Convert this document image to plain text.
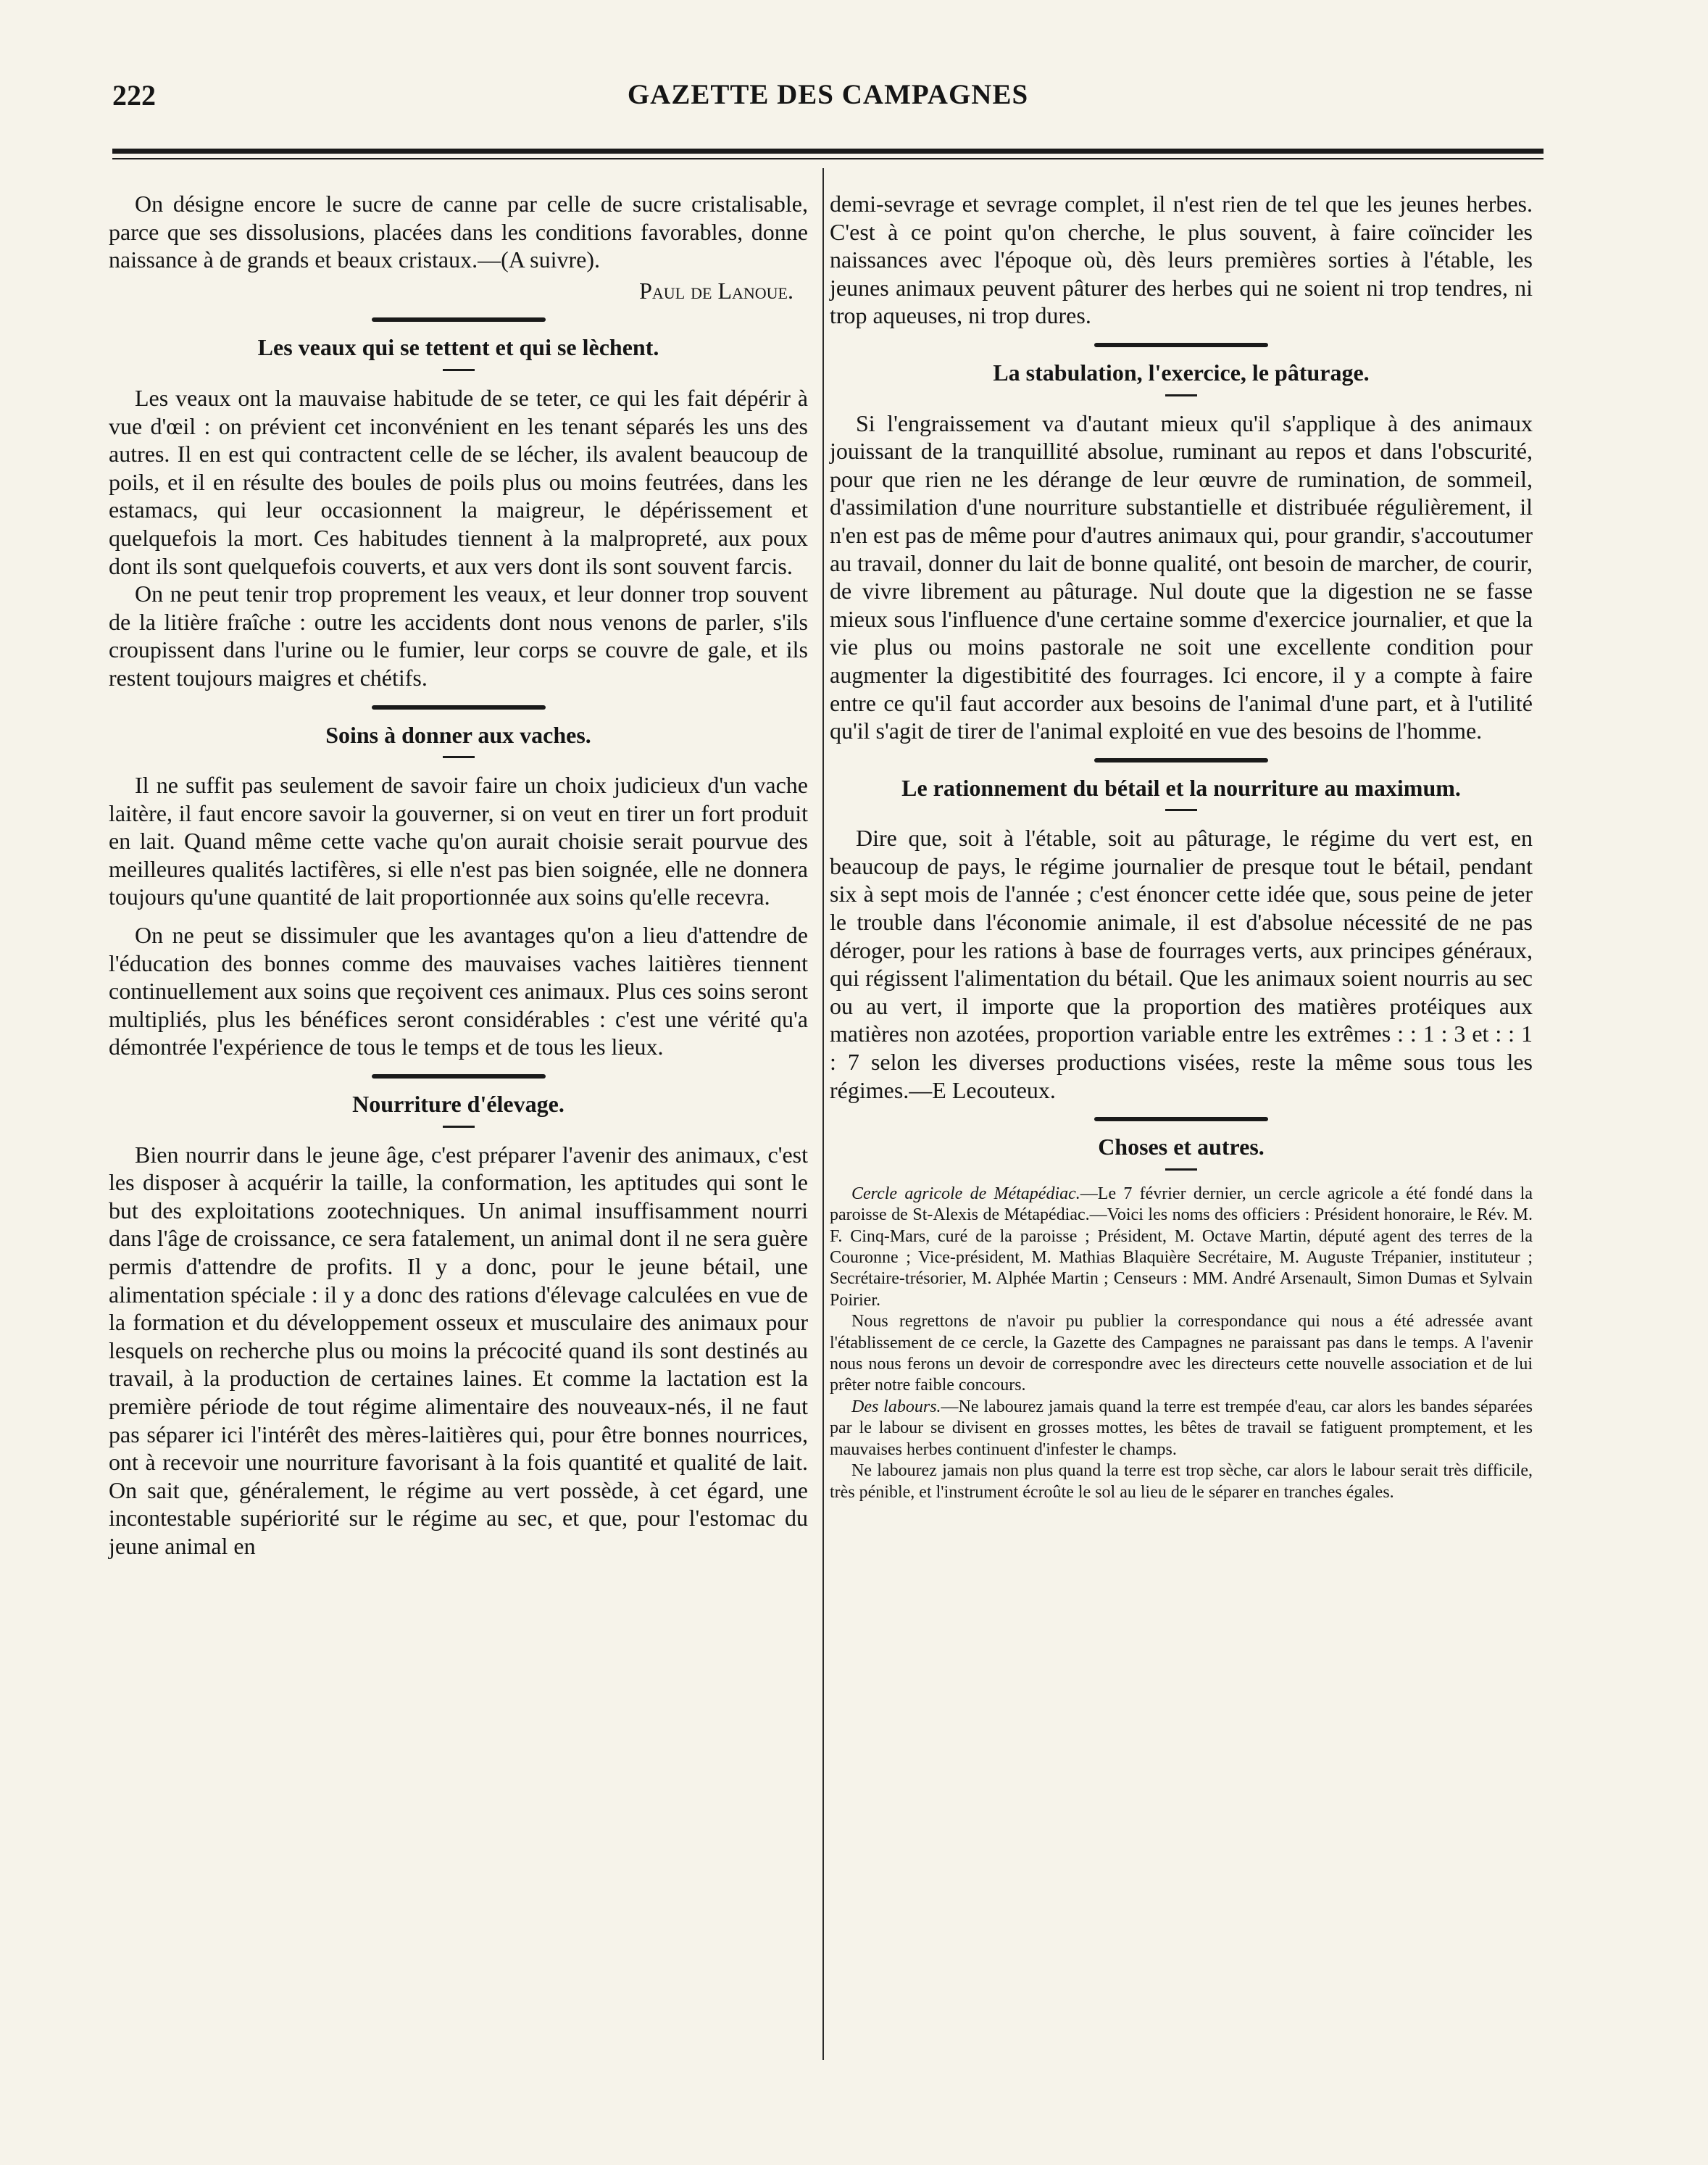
222	GAZETTE DES CAMPAGNES

On désigne encore le sucre de canne par celle de sucre cristalisable, parce que ses dissolusions, placées dans les conditions favorables, donne naissance à de grands et beaux cristaux.—(A suivre).

Paul de Lanoue.
Les veaux qui se tettent et qui se lèchent.

Les veaux ont la mauvaise habitude de se teter, ce qui les fait dépérir à vue d'œil : on prévient cet inconvénient en les tenant séparés les uns des autres. Il en est qui contractent celle de se lécher, ils avalent beaucoup de poils, et il en résulte des boules de poils plus ou moins feutrées, dans les estamacs, qui leur occasionnent la maigreur, le dépérissement et quelquefois la mort. Ces habitudes tiennent à la malpropreté, aux poux dont ils sont quelquefois couverts, et aux vers dont ils sont souvent farcis.

On ne peut tenir trop proprement les veaux, et leur donner trop souvent de la litière fraîche : outre les accidents dont nous venons de parler, s'ils croupissent dans l'urine ou le fumier, leur corps se couvre de gale, et ils restent toujours maigres et chétifs.

Soins à donner aux vaches.

Il ne suffit pas seulement de savoir faire un choix judicieux d'un vache laitère, il faut encore savoir la gouverner, si on veut en tirer un fort produit en lait. Quand même cette vache qu'on aurait choisie serait pourvue des meilleures qualités lactifères, si elle n'est pas bien soignée, elle ne donnera toujours qu'une quantité de lait proportionnée aux soins qu'elle recevra.

On ne peut se dissimuler que les avantages qu'on a lieu d'attendre de l'éducation des bonnes comme des mauvaises vaches laitières tiennent continuellement aux soins que reçoivent ces animaux. Plus ces soins seront multipliés, plus les bénéfices seront considérables : c'est une vérité qu'a démontrée l'expérience de tous le temps et de tous les lieux.

Nourriture d'élevage.

Bien nourrir dans le jeune âge, c'est préparer l'avenir des animaux, c'est les disposer à acquérir la taille, la conformation, les aptitudes qui sont le but des exploitations zootechniques. Un animal insuffisamment nourri dans l'âge de croissance, ce sera fatalement, un animal dont il ne sera guère permis d'attendre de profits. Il y a donc, pour le jeune bétail, une alimentation spéciale : il y a donc des rations d'élevage calculées en vue de la formation et du développement osseux et musculaire des animaux pour lesquels on recherche plus ou moins la précocité quand ils sont destinés au travail, à la production de certaines laines. Et comme la lactation est la première période de tout régime alimentaire des nouveaux-nés, il ne faut pas séparer ici l'intérêt des mères-laitières qui, pour être bonnes nourrices, ont à recevoir une nourriture favorisant à la fois quantité et qualité de lait. On sait que, généralement, le régime au vert possède, à cet égard, une incontestable supériorité sur le régime au sec, et que, pour l'estomac du jeune animal en

demi-sevrage et sevrage complet, il n'est rien de tel que les jeunes herbes. C'est à ce point qu'on cherche, le plus souvent, à faire coïncider les naissances avec l'époque où, dès leurs premières sorties à l'étable, les jeunes animaux peuvent pâturer des herbes qui ne soient ni trop tendres, ni trop aqueuses, ni trop dures.

La stabulation, l'exercice, le pâturage.

Si l'engraissement va d'autant mieux qu'il s'applique à des animaux jouissant de la tranquillité absolue, ruminant au repos et dans l'obscurité, pour que rien ne les dérange de leur œuvre de rumination, de sommeil, d'assimilation d'une nourriture substantielle et distribuée régulièrement, il n'en est pas de même pour d'autres animaux qui, pour grandir, s'accoutumer au travail, donner du lait de bonne qualité, ont besoin de marcher, de courir, de vivre librement au pâturage. Nul doute que la digestion ne se fasse mieux sous l'influence d'une certaine somme d'exercice journalier, et que la vie plus ou moins pastorale ne soit une excellente condition pour augmenter la digestibitité des fourrages. Ici encore, il y a compte à faire entre ce qu'il faut accorder aux besoins de l'animal d'une part, et à l'utilité qu'il s'agit de tirer de l'animal exploité en vue des besoins de l'homme.

Le rationnement du bétail et la nourriture au maximum.

Dire que, soit à l'étable, soit au pâturage, le régime du vert est, en beaucoup de pays, le régime journalier de presque tout le bétail, pendant six à sept mois de l'année ; c'est énoncer cette idée que, sous peine de jeter le trouble dans l'économie animale, il est d'absolue nécessité de ne pas déroger, pour les rations à base de fourrages verts, aux principes généraux, qui régissent l'alimentation du bétail. Que les animaux soient nourris au sec ou au vert, il importe que la proportion des matières protéiques aux matières non azotées, proportion variable entre les extrêmes : : 1 : 3 et : : 1 : 7 selon les diverses productions visées, reste la même sous tous les régimes.—E Lecouteux.

Choses et autres.

Cercle agricole de Métapédiac.—Le 7 février dernier, un cercle agricole a été fondé dans la paroisse de St-Alexis de Métapédiac.—Voici les noms des officiers : Président honoraire, le Rév. M. F. Cinq-Mars, curé de la paroisse ; Président, M. Octave Martin, député agent des terres de la Couronne ; Vice-président, M. Mathias Blaquière Secrétaire, M. Auguste Trépanier, instituteur ; Secrétaire-trésorier, M. Alphée Martin ; Censeurs : MM. André Arsenault, Simon Dumas et Sylvain Poirier.

Nous regrettons de n'avoir pu publier la correspondance qui nous a été adressée avant l'établissement de ce cercle, la Gazette des Campagnes ne paraissant pas dans le temps. A l'avenir nous nous ferons un devoir de correspondre avec les directeurs cette nouvelle association et de lui prêter notre faible concours.

Des labours.—Ne labourez jamais quand la terre est trempée d'eau, car alors les bandes séparées par le labour se divisent en grosses mottes, les bêtes de travail se fatiguent promptement, et les mauvaises herbes continuent d'infester le champs.

Ne labourez jamais non plus quand la terre est trop sèche, car alors le labour serait très difficile, très pénible, et l'instrument écroûte le sol au lieu de le séparer en tranches égales.
